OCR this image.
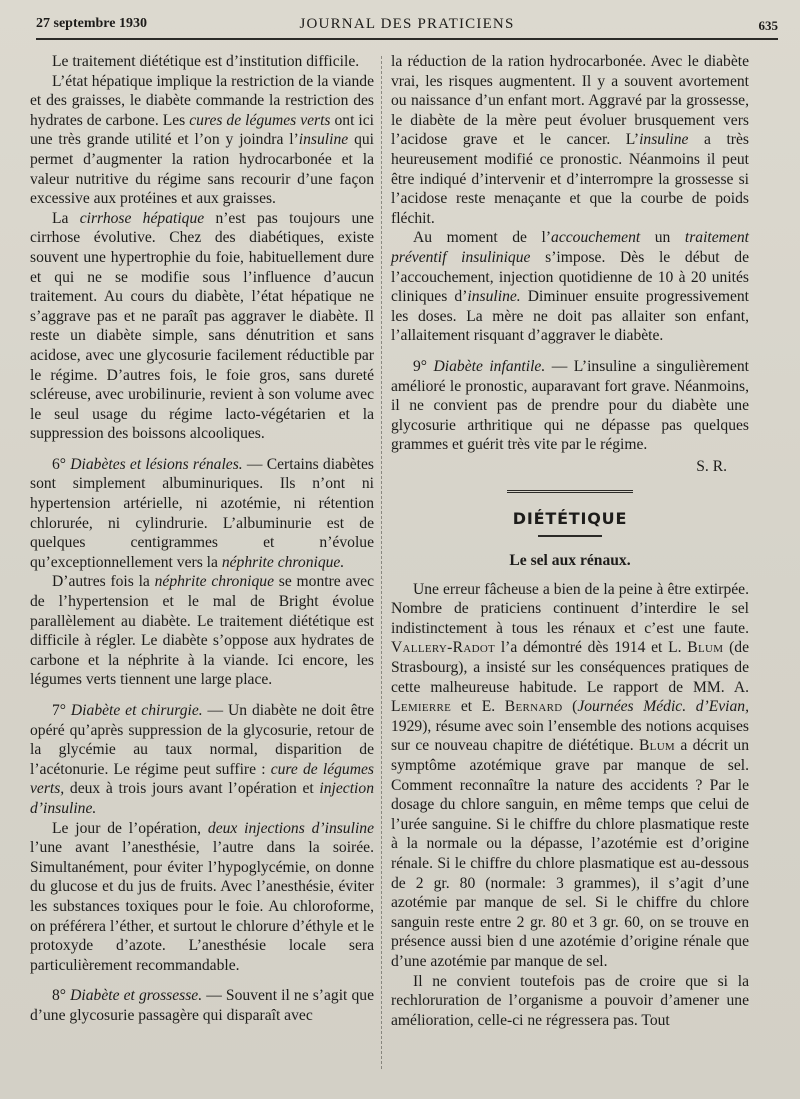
27 septembre 1930	JOURNAL DES PRATICIENS	635

Le traitement diététique est d’institution difficile.

L’état hépatique implique la restriction de la viande et des graisses, le diabète commande la restriction des hydrates de carbone. Les cures de légumes verts ont ici une très grande utilité et l’on y joindra l’insuline qui permet d’augmenter la ration hydrocarbonée et la valeur nutritive du régime sans recourir d’une façon excessive aux protéines et aux graisses.

La cirrhose hépatique n’est pas toujours une cirrhose évolutive. Chez des diabétiques, existe souvent une hypertrophie du foie, habituellement dure et qui ne se modifie sous l’influence d’aucun traitement. Au cours du diabète, l’état hépatique ne s’aggrave pas et ne paraît pas aggraver le diabète. Il reste un diabète simple, sans dénutrition et sans acidose, avec une glycosurie facilement réductible par le régime. D’autres fois, le foie gros, sans dureté scléreuse, avec urobilinurie, revient à son volume avec le seul usage du régime lacto-végétarien et la suppression des boissons alcooliques.

6° Diabètes et lésions rénales. — Certains diabètes sont simplement albuminuriques. Ils n’ont ni hypertension artérielle, ni azotémie, ni rétention chlorurée, ni cylindrurie. L’albuminurie est de quelques centigrammes et n’évolue qu’exceptionnellement vers la néphrite chronique.

D’autres fois la néphrite chronique se montre avec de l’hypertension et le mal de Bright évolue parallèlement au diabète. Le traitement diététique est difficile à régler. Le diabète s’oppose aux hydrates de carbone et la néphrite à la viande. Ici encore, les légumes verts tiennent une large place.

7° Diabète et chirurgie. — Un diabète ne doit être opéré qu’après suppression de la glycosurie, retour de la glycémie au taux normal, disparition de l’acétonurie. Le régime peut suffire : cure de légumes verts, deux à trois jours avant l’opération et injection d’insuline.

Le jour de l’opération, deux injections d’insuline l’une avant l’anesthésie, l’autre dans la soirée. Simultanément, pour éviter l’hypoglycémie, on donne du glucose et du jus de fruits. Avec l’anesthésie, éviter les substances toxiques pour le foie. Au chloroforme, on préférera l’éther, et surtout le chlorure d’éthyle et le protoxyde d’azote. L’anesthésie locale sera particulièrement recommandable.

8° Diabète et grossesse. — Souvent il ne s’agit que d’une glycosurie passagère qui disparaît avec

la réduction de la ration hydrocarbonée. Avec le diabète vrai, les risques augmentent. Il y a souvent avortement ou naissance d’un enfant mort. Aggravé par la grossesse, le diabète de la mère peut évoluer brusquement vers l’acidose grave et le cancer. L’insuline a très heureusement modifié ce pronostic. Néanmoins il peut être indiqué d’intervenir et d’interrompre la grossesse si l’acidose reste menaçante et que la courbe de poids fléchit.

Au moment de l’accouchement un traitement préventif insulinique s’impose. Dès le début de l’accouchement, injection quotidienne de 10 à 20 unités cliniques d’insuline. Diminuer ensuite progressivement les doses. La mère ne doit pas allaiter son enfant, l’allaitement risquant d’aggraver le diabète.

9° Diabète infantile. — L’insuline a singulièrement amélioré le pronostic, auparavant fort grave. Néanmoins, il ne convient pas de prendre pour du diabète une glycosurie arthritique qui ne dépasse pas quelques grammes et guérit très vite par le régime.

S. R.
DIÉTÉTIQUE
Le sel aux rénaux.

Une erreur fâcheuse a bien de la peine à être extirpée. Nombre de praticiens continuent d’interdire le sel indistinctement à tous les rénaux et c’est une faute. Vallery-Radot l’a démontré dès 1914 et L. Blum (de Strasbourg), a insisté sur les conséquences pratiques de cette malheureuse habitude. Le rapport de MM. A. Lemierre et E. Bernard (Journées Médic. d’Evian, 1929), résume avec soin l’ensemble des notions acquises sur ce nouveau chapitre de diététique. Blum a décrit un symptôme azotémique grave par manque de sel. Comment reconnaître la nature des accidents ? Par le dosage du chlore sanguin, en même temps que celui de l’urée sanguine. Si le chiffre du chlore plasmatique reste à la normale ou la dépasse, l’azotémie est d’origine rénale. Si le chiffre du chlore plasmatique est au-dessous de 2 gr. 80 (normale: 3 grammes), il s’agit d’une azotémie par manque de sel. Si le chiffre du chlore sanguin reste entre 2 gr. 80 et 3 gr. 60, on se trouve en présence aussi bien d une azotémie d’origine rénale que d’une azotémie par manque de sel.

Il ne convient toutefois pas de croire que si la rechloruration de l’organisme a pouvoir d’amener une amélioration, celle-ci ne régressera pas. Tout
